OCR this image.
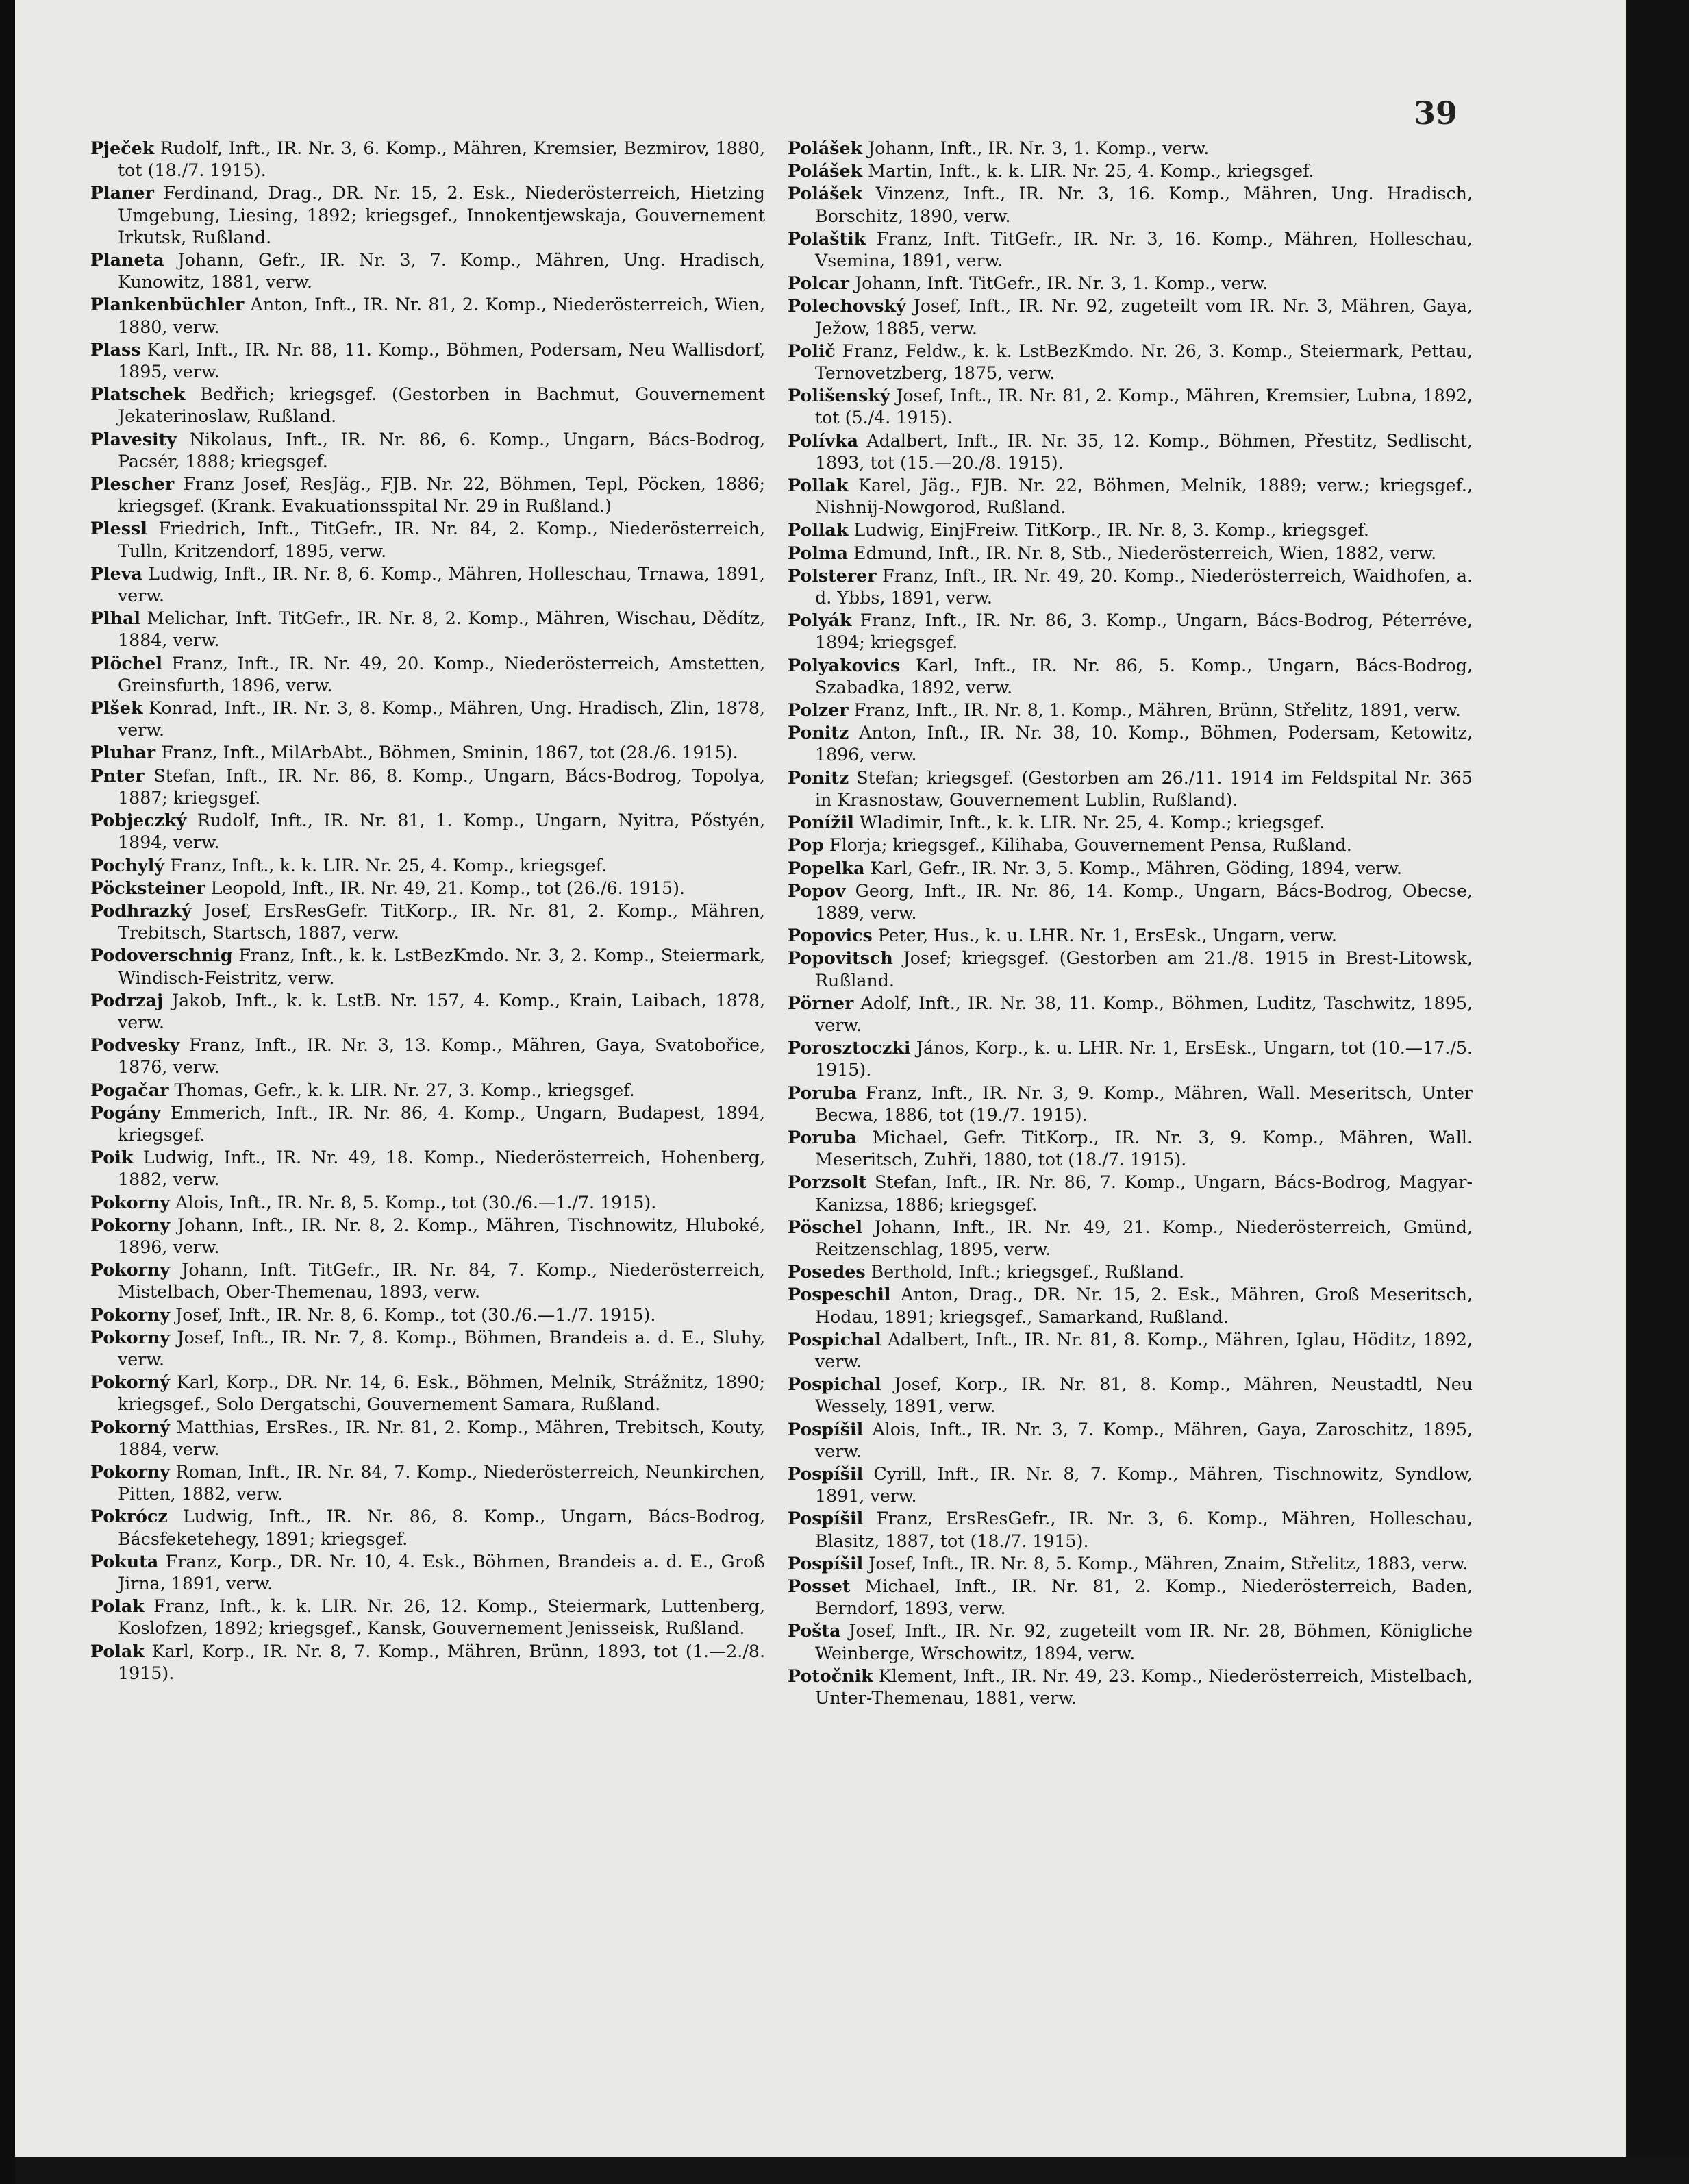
39

Pječek Rudolf, Inft., IR. Nr. 3, 6. Komp., Mähren, Kremsier, Bezmirov, 1880, tot (18./7. 1915).

Planer Ferdinand, Drag., DR. Nr. 15, 2. Esk., Niederösterreich, Hietzing Umgebung, Liesing, 1892; kriegsgef., Innokentjewskaja, Gouvernement Irkutsk, Rußland.

Planeta Johann, Gefr., IR. Nr. 3, 7. Komp., Mähren, Ung. Hradisch, Kunowitz, 1881, verw.

Plankenbüchler Anton, Inft., IR. Nr. 81, 2. Komp., Niederösterreich, Wien, 1880, verw.

Plass Karl, Inft., IR. Nr. 88, 11. Komp., Böhmen, Podersam, Neu Wallisdorf, 1895, verw.

Platschek Bedřich; kriegsgef. (Gestorben in Bachmut, Gouvernement Jekaterinoslaw, Rußland.

Plavesity Nikolaus, Inft., IR. Nr. 86, 6. Komp., Ungarn, Bács-Bodrog, Pacsér, 1888; kriegsgef.

Plescher Franz Josef, ResJäg., FJB. Nr. 22, Böhmen, Tepl, Pöcken, 1886; kriegsgef. (Krank. Evakuationsspital Nr. 29 in Rußland.)

Plessl Friedrich, Inft., TitGefr., IR. Nr. 84, 2. Komp., Niederösterreich, Tulln, Kritzendorf, 1895, verw.

Pleva Ludwig, Inft., IR. Nr. 8, 6. Komp., Mähren, Holleschau, Trnawa, 1891, verw.

Plhal Melichar, Inft. TitGefr., IR. Nr. 8, 2. Komp., Mähren, Wischau, Dědítz, 1884, verw.

Plöchel Franz, Inft., IR. Nr. 49, 20. Komp., Niederösterreich, Amstetten, Greinsfurth, 1896, verw.

Plšek Konrad, Inft., IR. Nr. 3, 8. Komp., Mähren, Ung. Hradisch, Zlin, 1878, verw.

Pluhar Franz, Inft., MilArbAbt., Böhmen, Sminin, 1867, tot (28./6. 1915).

Pnter Stefan, Inft., IR. Nr. 86, 8. Komp., Ungarn, Bács-Bodrog, Topolya, 1887; kriegsgef.

Pobjeczký Rudolf, Inft., IR. Nr. 81, 1. Komp., Ungarn, Nyitra, Pőstyén, 1894, verw.

Pochylý Franz, Inft., k. k. LIR. Nr. 25, 4. Komp., kriegsgef.

Pöcksteiner Leopold, Inft., IR. Nr. 49, 21. Komp., tot (26./6. 1915).

Podhrazký Josef, ErsResGefr. TitKorp., IR. Nr. 81, 2. Komp., Mähren, Trebitsch, Startsch, 1887, verw.

Podoverschnig Franz, Inft., k. k. LstBezKmdo. Nr. 3, 2. Komp., Steiermark, Windisch-Feistritz, verw.

Podrzaj Jakob, Inft., k. k. LstB. Nr. 157, 4. Komp., Krain, Laibach, 1878, verw.

Podvesky Franz, Inft., IR. Nr. 3, 13. Komp., Mähren, Gaya, Svatobořice, 1876, verw.

Pogačar Thomas, Gefr., k. k. LIR. Nr. 27, 3. Komp., kriegsgef.

Pogány Emmerich, Inft., IR. Nr. 86, 4. Komp., Ungarn, Budapest, 1894, kriegsgef.

Poik Ludwig, Inft., IR. Nr. 49, 18. Komp., Niederösterreich, Hohenberg, 1882, verw.

Pokorny Alois, Inft., IR. Nr. 8, 5. Komp., tot (30./6.—1./7. 1915).

Pokorny Johann, Inft., IR. Nr. 8, 2. Komp., Mähren, Tischnowitz, Hluboké, 1896, verw.

Pokorny Johann, Inft. TitGefr., IR. Nr. 84, 7. Komp., Niederösterreich, Mistelbach, Ober-Themenau, 1893, verw.

Pokorny Josef, Inft., IR. Nr. 8, 6. Komp., tot (30./6.—1./7. 1915).

Pokorny Josef, Inft., IR. Nr. 7, 8. Komp., Böhmen, Brandeis a. d. E., Sluhy, verw.

Pokorný Karl, Korp., DR. Nr. 14, 6. Esk., Böhmen, Melnik, Strážnitz, 1890; kriegsgef., Solo Dergatschi, Gouvernement Samara, Rußland.

Pokorný Matthias, ErsRes., IR. Nr. 81, 2. Komp., Mähren, Trebitsch, Kouty, 1884, verw.

Pokorny Roman, Inft., IR. Nr. 84, 7. Komp., Niederösterreich, Neunkirchen, Pitten, 1882, verw.

Pokrócz Ludwig, Inft., IR. Nr. 86, 8. Komp., Ungarn, Bács-Bodrog, Bácsfeketehegy, 1891; kriegsgef.

Pokuta Franz, Korp., DR. Nr. 10, 4. Esk., Böhmen, Brandeis a. d. E., Groß Jirna, 1891, verw.

Polak Franz, Inft., k. k. LIR. Nr. 26, 12. Komp., Steiermark, Luttenberg, Koslofzen, 1892; kriegsgef., Kansk, Gouvernement Jenisseisk, Rußland.

Polak Karl, Korp., IR. Nr. 8, 7. Komp., Mähren, Brünn, 1893, tot (1.—2./8. 1915).

Polášek Johann, Inft., IR. Nr. 3, 1. Komp., verw.

Polášek Martin, Inft., k. k. LIR. Nr. 25, 4. Komp., kriegsgef.

Polášek Vinzenz, Inft., IR. Nr. 3, 16. Komp., Mähren, Ung. Hradisch, Borschitz, 1890, verw.

Polaštik Franz, Inft. TitGefr., IR. Nr. 3, 16. Komp., Mähren, Holleschau, Vsemina, 1891, verw.

Polcar Johann, Inft. TitGefr., IR. Nr. 3, 1. Komp., verw.

Polechovský Josef, Inft., IR. Nr. 92, zugeteilt vom IR. Nr. 3, Mähren, Gaya, Ježow, 1885, verw.

Polič Franz, Feldw., k. k. LstBezKmdo. Nr. 26, 3. Komp., Steiermark, Pettau, Ternovetzberg, 1875, verw.

Polišenský Josef, Inft., IR. Nr. 81, 2. Komp., Mähren, Kremsier, Lubna, 1892, tot (5./4. 1915).

Polívka Adalbert, Inft., IR. Nr. 35, 12. Komp., Böhmen, Přestitz, Sedlischt, 1893, tot (15.—20./8. 1915).

Pollak Karel, Jäg., FJB. Nr. 22, Böhmen, Melnik, 1889; verw.; kriegsgef., Nishnij-Nowgorod, Rußland.

Pollak Ludwig, EinjFreiw. TitKorp., IR. Nr. 8, 3. Komp., kriegsgef.

Polma Edmund, Inft., IR. Nr. 8, Stb., Niederösterreich, Wien, 1882, verw.

Polsterer Franz, Inft., IR. Nr. 49, 20. Komp., Niederösterreich, Waidhofen, a. d. Ybbs, 1891, verw.

Polyák Franz, Inft., IR. Nr. 86, 3. Komp., Ungarn, Bács-Bodrog, Péterréve, 1894; kriegsgef.

Polyakovics Karl, Inft., IR. Nr. 86, 5. Komp., Ungarn, Bács-Bodrog, Szabadka, 1892, verw.

Polzer Franz, Inft., IR. Nr. 8, 1. Komp., Mähren, Brünn, Střelitz, 1891, verw.

Ponitz Anton, Inft., IR. Nr. 38, 10. Komp., Böhmen, Podersam, Ketowitz, 1896, verw.

Ponitz Stefan; kriegsgef. (Gestorben am 26./11. 1914 im Feldspital Nr. 365 in Krasnostaw, Gouvernement Lublin, Rußland).

Ponížil Wladimir, Inft., k. k. LIR. Nr. 25, 4. Komp.; kriegsgef.

Pop Florja; kriegsgef., Kilihaba, Gouvernement Pensa, Rußland.

Popelka Karl, Gefr., IR. Nr. 3, 5. Komp., Mähren, Göding, 1894, verw.

Popov Georg, Inft., IR. Nr. 86, 14. Komp., Ungarn, Bács-Bodrog, Obecse, 1889, verw.

Popovics Peter, Hus., k. u. LHR. Nr. 1, ErsEsk., Ungarn, verw.

Popovitsch Josef; kriegsgef. (Gestorben am 21./8. 1915 in Brest-Litowsk, Rußland.

Pörner Adolf, Inft., IR. Nr. 38, 11. Komp., Böhmen, Luditz, Taschwitz, 1895, verw.

Porosztoczki János, Korp., k. u. LHR. Nr. 1, ErsEsk., Ungarn, tot (10.—17./5. 1915).

Porubа Franz, Inft., IR. Nr. 3, 9. Komp., Mähren, Wall. Meseritsch, Unter Becwa, 1886, tot (19./7. 1915).

Poruba Michael, Gefr. TitKorp., IR. Nr. 3, 9. Komp., Mähren, Wall. Meseritsch, Zuhři, 1880, tot (18./7. 1915).

Porzsolt Stefan, Inft., IR. Nr. 86, 7. Komp., Ungarn, Bács-Bodrog, Magyar-Kanizsa, 1886; kriegsgef.

Pöschel Johann, Inft., IR. Nr. 49, 21. Komp., Niederösterreich, Gmünd, Reitzenschlag, 1895, verw.

Posedes Berthold, Inft.; kriegsgef., Rußland.

Pospeschil Anton, Drag., DR. Nr. 15, 2. Esk., Mähren, Groß Meseritsch, Hodau, 1891; kriegsgef., Samarkand, Rußland.

Pospichal Adalbert, Inft., IR. Nr. 81, 8. Komp., Mähren, Iglau, Höditz, 1892, verw.

Pospichal Josef, Korp., IR. Nr. 81, 8. Komp., Mähren, Neustadtl, Neu Wessely, 1891, verw.

Pospíšil Alois, Inft., IR. Nr. 3, 7. Komp., Mähren, Gaya, Zaroschitz, 1895, verw.

Pospíšil Cyrill, Inft., IR. Nr. 8, 7. Komp., Mähren, Tischnowitz, Syndlow, 1891, verw.

Pospíšil Franz, ErsResGefr., IR. Nr. 3, 6. Komp., Mähren, Holleschau, Blasitz, 1887, tot (18./7. 1915).

Pospíšil Josef, Inft., IR. Nr. 8, 5. Komp., Mähren, Znaim, Střelitz, 1883, verw.

Posset Michael, Inft., IR. Nr. 81, 2. Komp., Niederösterreich, Baden, Berndorf, 1893, verw.

Pošta Josef, Inft., IR. Nr. 92, zugeteilt vom IR. Nr. 28, Böhmen, Königliche Weinberge, Wrschowitz, 1894, verw.

Potočnik Klement, Inft., IR. Nr. 49, 23. Komp., Niederösterreich, Mistelbach, Unter-Themenau, 1881, verw.
